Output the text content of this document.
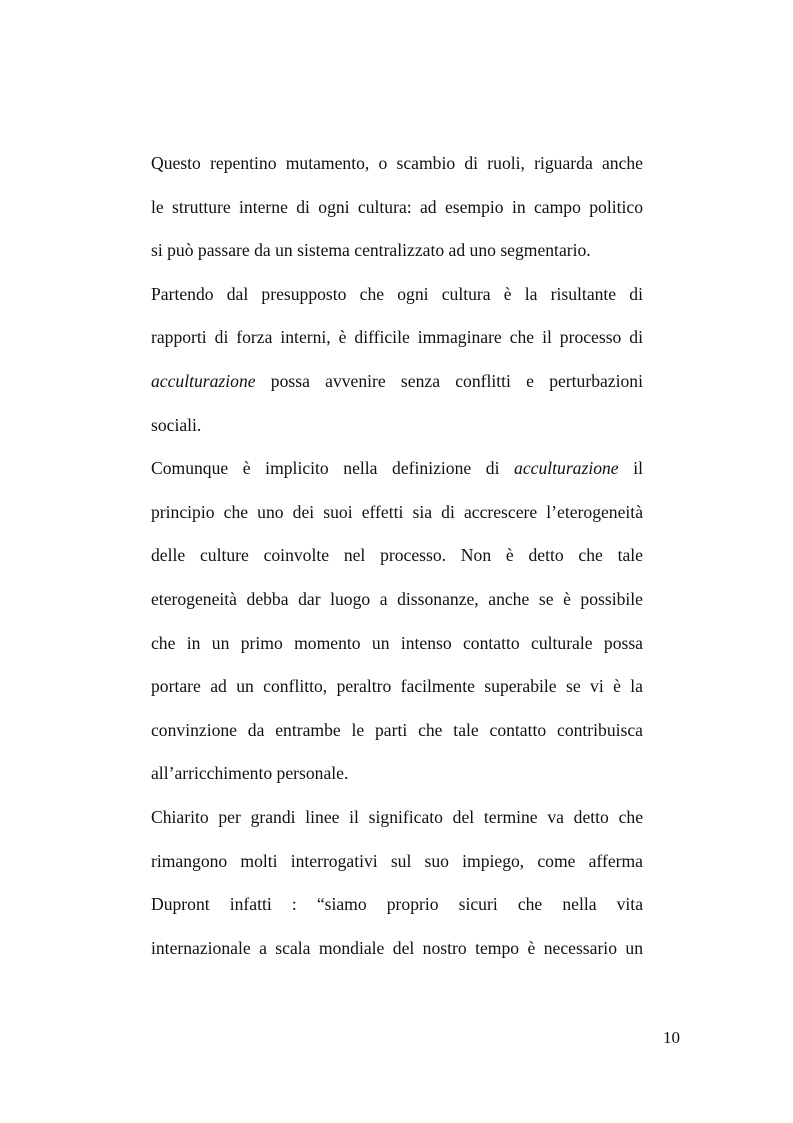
Questo repentino mutamento, o scambio di ruoli, riguarda anche
le strutture interne di ogni cultura: ad esempio in campo politico
si può passare da un sistema centralizzato ad uno segmentario.
Partendo dal presupposto che ogni cultura è la risultante di
rapporti di forza interni, è difficile immaginare che il processo di
acculturazione possa avvenire senza conflitti e perturbazioni
sociali.
Comunque è implicito nella definizione di acculturazione il
principio che uno dei suoi effetti sia di accrescere l’eterogeneità
delle culture coinvolte nel processo. Non è detto che tale
eterogeneità debba dar luogo a dissonanze, anche se è possibile
che in un primo momento un intenso contatto culturale possa
portare ad un conflitto, peraltro facilmente superabile se vi è la
convinzione da entrambe le parti che tale contatto contribuisca
all’arricchimento personale.
Chiarito per grandi linee il significato del termine va detto che
rimangono molti interrogativi sul suo impiego, come afferma
Dupront infatti : “siamo proprio sicuri che nella vita
internazionale a scala mondiale del nostro tempo è necessario un
10
